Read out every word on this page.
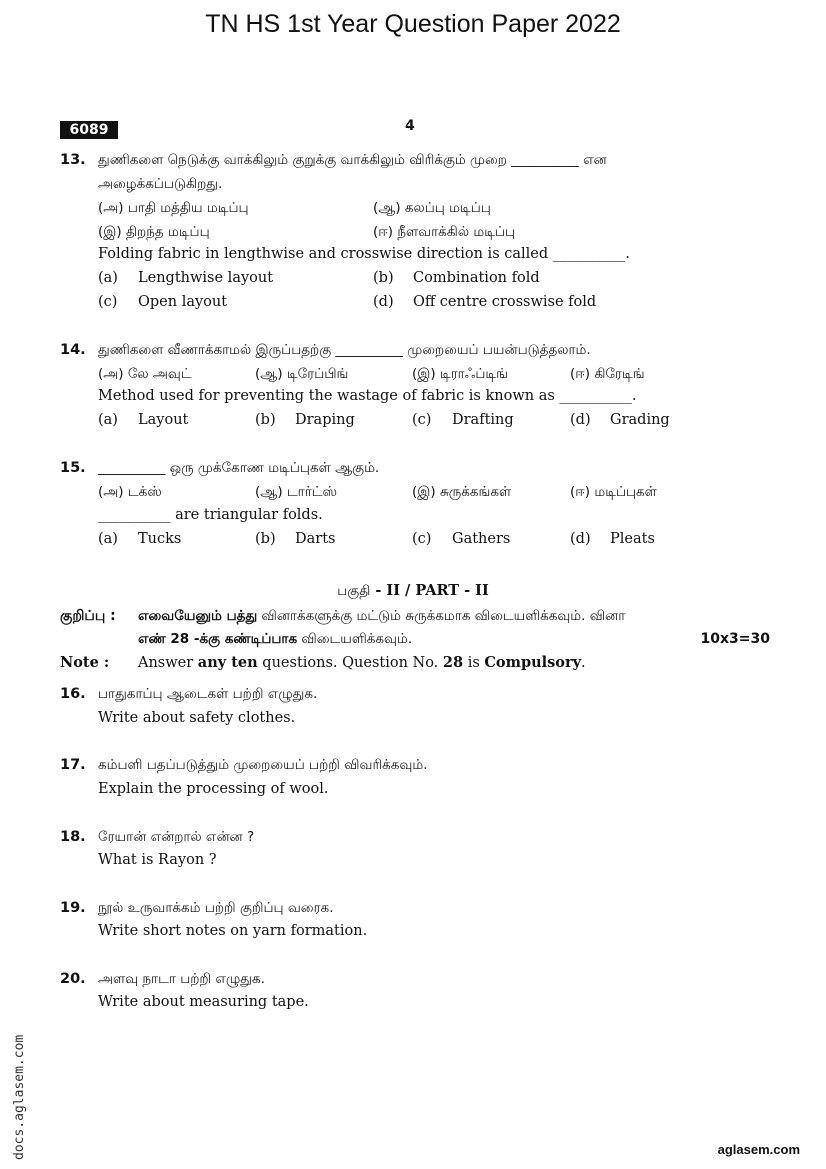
TN HS 1st Year Question Paper 2022
6089	4
13. துணிகளை நெடுக்கு வாக்கிலும் குறுக்கு வாக்கிலும் விரிக்கும் முறை __________ என
அழைக்கப்படுகிறது.
(அ) பாதி மத்திய மடிப்பு	(ஆ) கலப்பு மடிப்பு
(இ) திறந்த மடிப்பு	(ஈ) நீளவாக்கில் மடிப்பு
Folding fabric in lengthwise and crosswise direction is called __________.
(a) Lengthwise layout	(b) Combination fold
(c) Open layout	(d) Off centre crosswise fold
14. துணிகளை வீணாக்காமல் இருப்பதற்கு __________ முறையைப் பயன்படுத்தலாம்.
(அ) லே அவுட்	(ஆ) டிரேப்பிங்	(இ) டிராஃப்டிங்	(ஈ) கிரேடிங்
Method used for preventing the wastage of fabric is known as __________.
(a) Layout	(b) Draping	(c) Drafting	(d) Grading
15. __________ ஒரு முக்கோண மடிப்புகள் ஆகும்.
(அ) டக்ஸ்	(ஆ) டார்ட்ஸ்	(இ) சுருக்கங்கள்	(ஈ) மடிப்புகள்
__________ are triangular folds.
(a) Tucks	(b) Darts	(c) Gathers	(d) Pleats
பகுதி - II / PART - II
குறிப்பு : எவையேனும் பத்து வினாக்களுக்கு மட்டும் சுருக்கமாக விடையளிக்கவும். வினா
எண் 28 -க்கு கண்டிப்பாக விடையளிக்கவும்.	10x3=30
Note : Answer any ten questions. Question No. 28 is Compulsory.
16. பாதுகாப்பு ஆடைகள் பற்றி எழுதுக.
Write about safety clothes.
17. கம்பளி பதப்படுத்தும் முறையைப் பற்றி விவரிக்கவும்.
Explain the processing of wool.
18. ரேயான் என்றால் என்ன ?
What is Rayon ?
19. நூல் உருவாக்கம் பற்றி குறிப்பு வரைக.
Write short notes on yarn formation.
20. அளவு நாடா பற்றி எழுதுக.
Write about measuring tape.
docs.aglasem.com	aglasem.com
